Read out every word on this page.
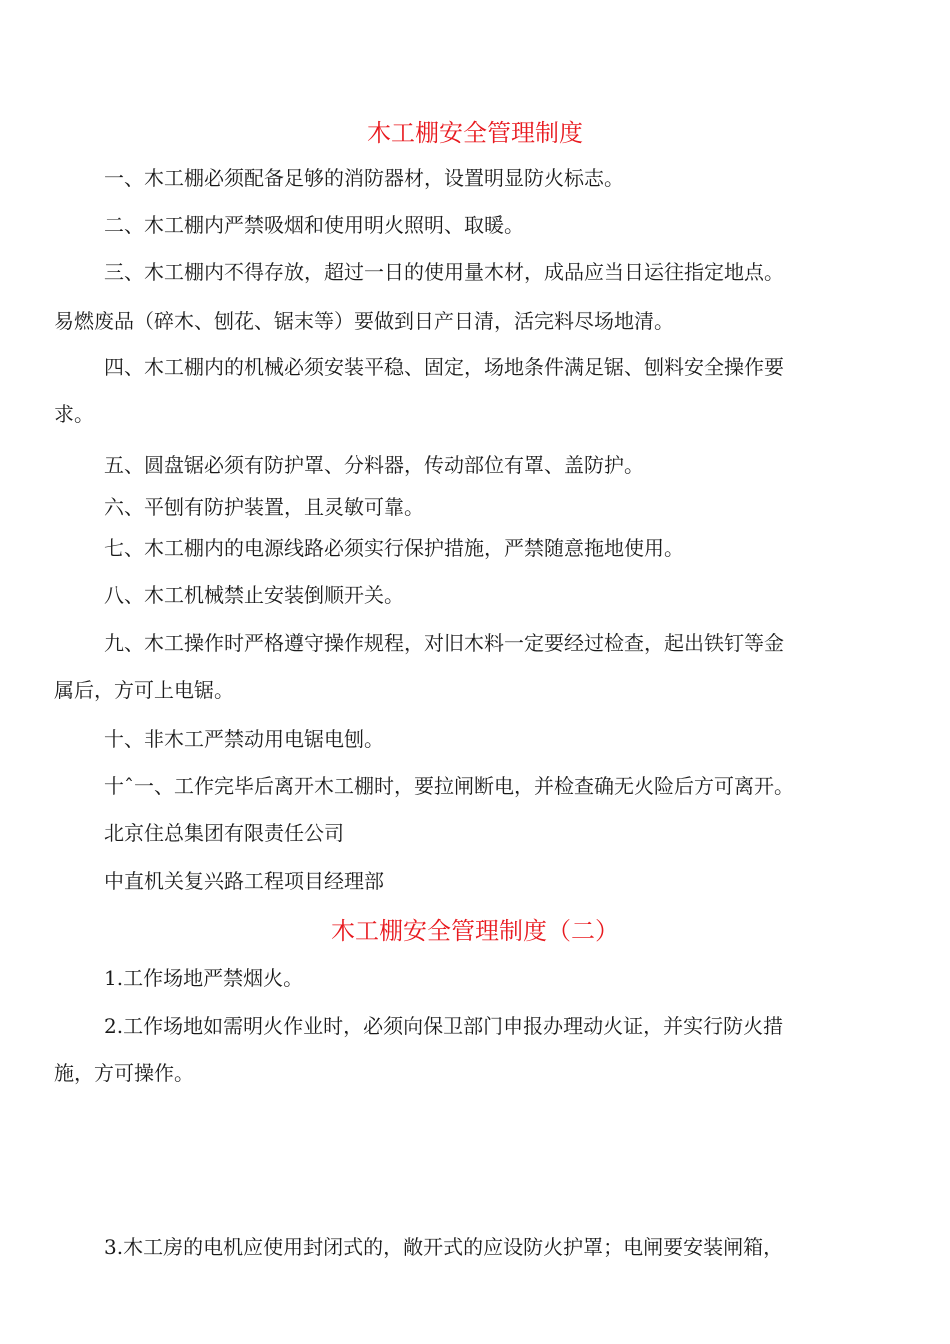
木工棚安全管理制度

一、木工棚必须配备足够的消防器材，设置明显防火标志。

二、木工棚内严禁吸烟和使用明火照明、取暖。

三、木工棚内不得存放，超过一日的使用量木材，成品应当日运往指定地点。

易燃废品（碎木、刨花、锯末等）要做到日产日清，活完料尽场地清。

四、木工棚内的机械必须安装平稳、固定，场地条件满足锯、刨料安全操作要

求。

五、圆盘锯必须有防护罩、分料器，传动部位有罩、盖防护。

六、平刨有防护装置，且灵敏可靠。

七、木工棚内的电源线路必须实行保护措施，严禁随意拖地使用。

八、木工机械禁止安装倒顺开关。

九、木工操作时严格遵守操作规程，对旧木料一定要经过检查，起出铁钉等金

属后，方可上电锯。

十、非木工严禁动用电锯电刨。

十ˆ一、工作完毕后离开木工棚时，要拉闸断电，并检查确无火险后方可离开。

北京住总集团有限责任公司

中直机关复兴路工程项目经理部

木工棚安全管理制度（二）

1.工作场地严禁烟火。

2.工作场地如需明火作业时，必须向保卫部门申报办理动火证，并实行防火措

施，方可操作。

3.木工房的电机应使用封闭式的，敞开式的应设防火护罩；电闸要安装闸箱，
